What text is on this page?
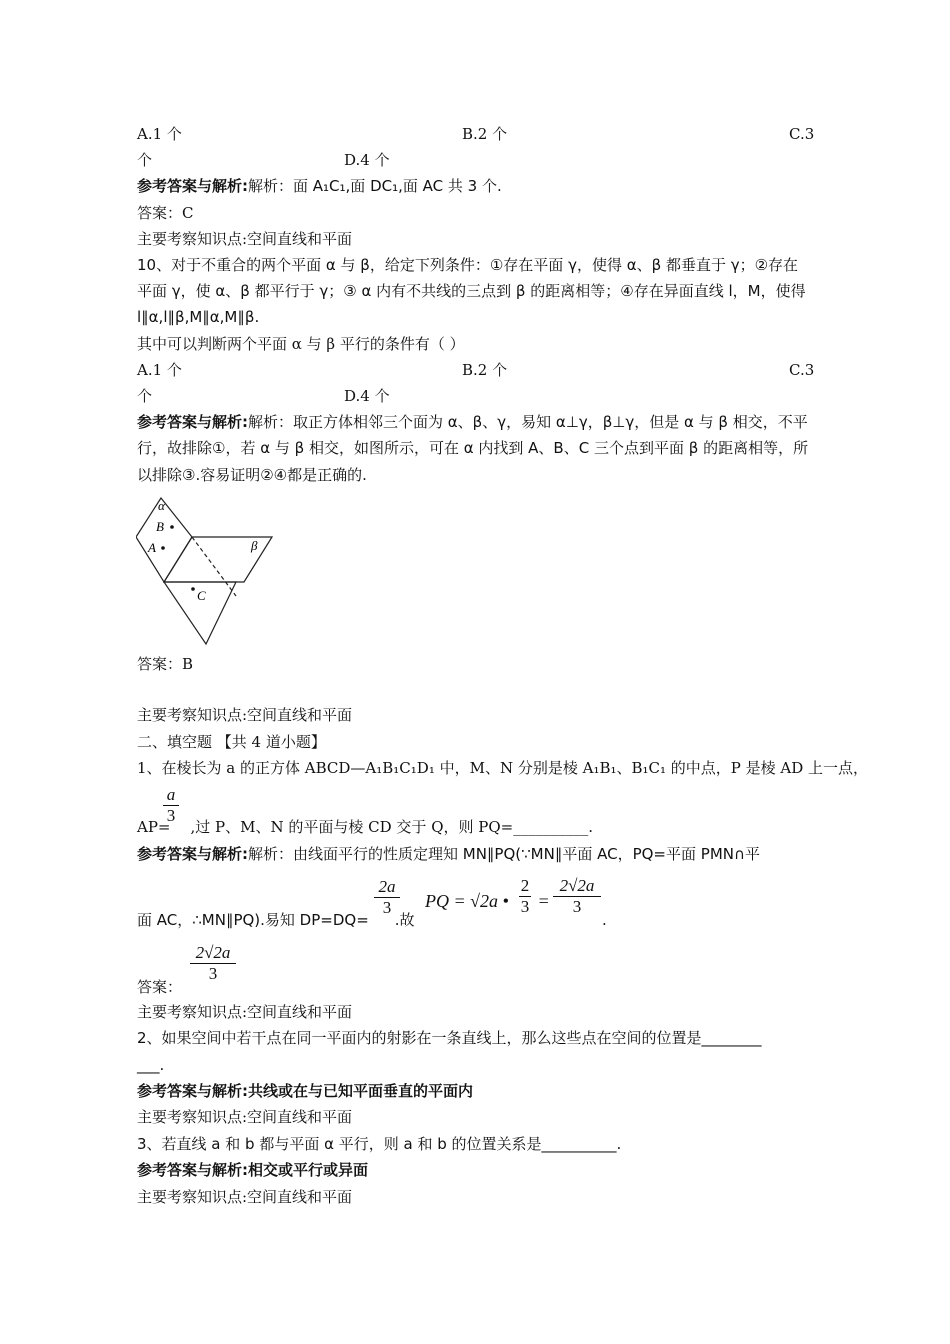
A.1 个	B.2 个	C.3
个	D.4 个
参考答案与解析:解析：面 A₁C₁,面 DC₁,面 AC 共 3 个.
答案：C
主要考察知识点:空间直线和平面
10、对于不重合的两个平面 α 与 β，给定下列条件：①存在平面 γ，使得 α、β 都垂直于 γ；②存在
平面 γ，使 α、β 都平行于 γ；③ α 内有不共线的三点到 β 的距离相等；④存在异面直线 l，M，使得
l∥α,l∥β,M∥α,M∥β.
其中可以判断两个平面 α 与 β 平行的条件有（ ）
A.1 个	B.2 个	C.3
个	D.4 个
参考答案与解析:解析：取正方体相邻三个面为 α、β、γ，易知 α⊥γ，β⊥γ，但是 α 与 β 相交，不平
行，故排除①，若 α 与 β 相交，如图所示，可在 α 内找到 A、B、C 三个点到平面 β 的距离相等，所
以排除③.容易证明②④都是正确的.
α
B
A	β
C
答案：B
主要考察知识点:空间直线和平面
二、填空题 【共 4 道小题】
1、在棱长为 a 的正方体 ABCD—A₁B₁C₁D₁ 中，M、N 分别是棱 A₁B₁、B₁C₁ 的中点，P 是棱 AD 上一点，
a
3
AP= ,过 P、M、N 的平面与棱 CD 交于 Q，则 PQ=__________.
参考答案与解析:解析：由线面平行的性质定理知 MN∥PQ(∵MN∥平面 AC，PQ=平面 PMN∩平
2a
3	PQ = √2a •
2
3 =
2√2a
3
面 AC，∴MN∥PQ).易知 DP=DQ= .故	.
2√2a
3
答案：
主要考察知识点:空间直线和平面
2、如果空间中若干点在同一平面内的射影在一条直线上，那么这些点在空间的位置是________
___.
参考答案与解析:共线或在与已知平面垂直的平面内
主要考察知识点:空间直线和平面
3、若直线 a 和 b 都与平面 α 平行，则 a 和 b 的位置关系是__________.
参考答案与解析:相交或平行或异面
主要考察知识点:空间直线和平面
